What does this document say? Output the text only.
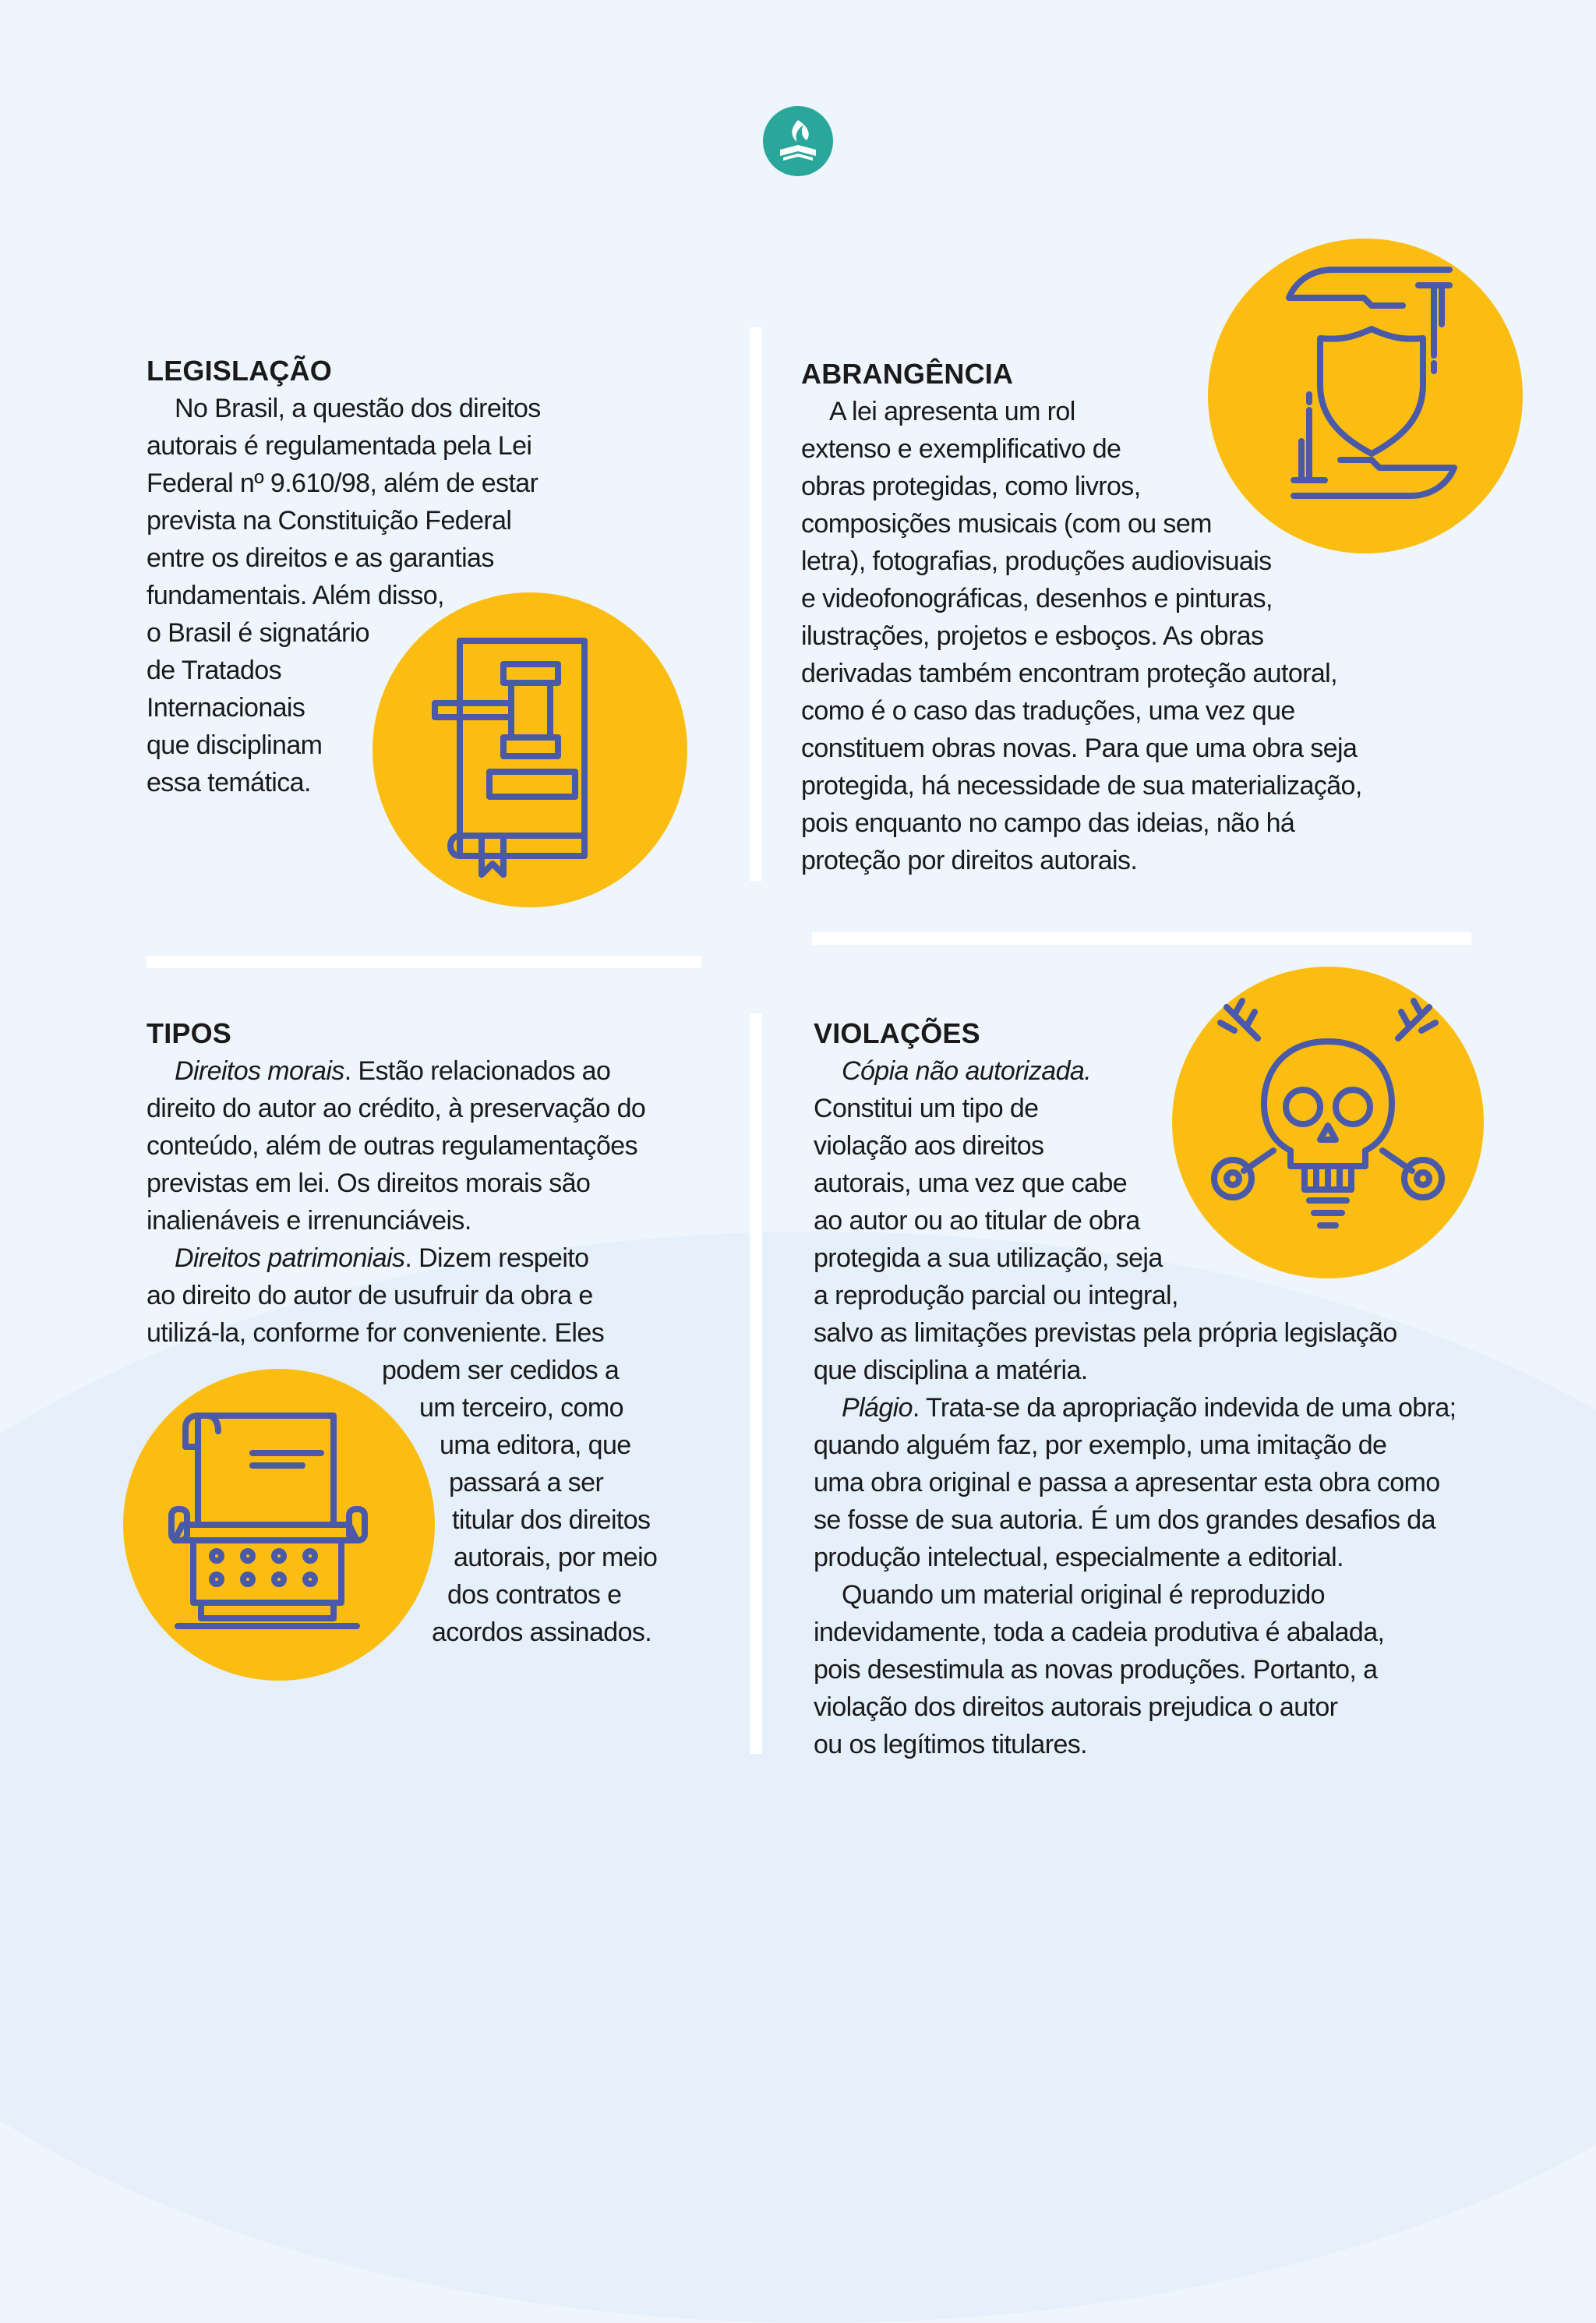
LEGISLAÇÃO
No Brasil, a questão dos direitos
autorais é regulamentada pela Lei
Federal nº 9.610/98, além de estar
prevista na Constituição Federal
entre os direitos e as garantias
fundamentais. Além disso,
o Brasil é signatário
de Tratados
Internacionais
que disciplinam
essa temática.
ABRANGÊNCIA
A lei apresenta um rol
extenso e exemplificativo de
obras protegidas, como livros,
composições musicais (com ou sem
letra), fotografias, produções audiovisuais
e videofonográficas, desenhos e pinturas,
ilustrações, projetos e esboços. As obras
derivadas também encontram proteção autoral,
como é o caso das traduções, uma vez que
constituem obras novas. Para que uma obra seja
protegida, há necessidade de sua materialização,
pois enquanto no campo das ideias, não há
proteção por direitos autorais.
TIPOS
Direitos morais. Estão relacionados ao
direito do autor ao crédito, à preservação do
conteúdo, além de outras regulamentações
previstas em lei. Os direitos morais são
inalienáveis e irrenunciáveis.
Direitos patrimoniais. Dizem respeito
ao direito do autor de usufruir da obra e
utilizá-la, conforme for conveniente. Eles
podem ser cedidos a
um terceiro, como
uma editora, que
passará a ser
titular dos direitos
autorais, por meio
dos contratos e
acordos assinados.
VIOLAÇÕES
Cópia não autorizada.
Constitui um tipo de
violação aos direitos
autorais, uma vez que cabe
ao autor ou ao titular de obra
protegida a sua utilização, seja
a reprodução parcial ou integral,
salvo as limitações previstas pela própria legislação
que disciplina a matéria.
Plágio. Trata-se da apropriação indevida de uma obra;
quando alguém faz, por exemplo, uma imitação de
uma obra original e passa a apresentar esta obra como
se fosse de sua autoria. É um dos grandes desafios da
produção intelectual, especialmente a editorial.
Quando um material original é reproduzido
indevidamente, toda a cadeia produtiva é abalada,
pois desestimula as novas produções. Portanto, a
violação dos direitos autorais prejudica o autor
ou os legítimos titulares.
